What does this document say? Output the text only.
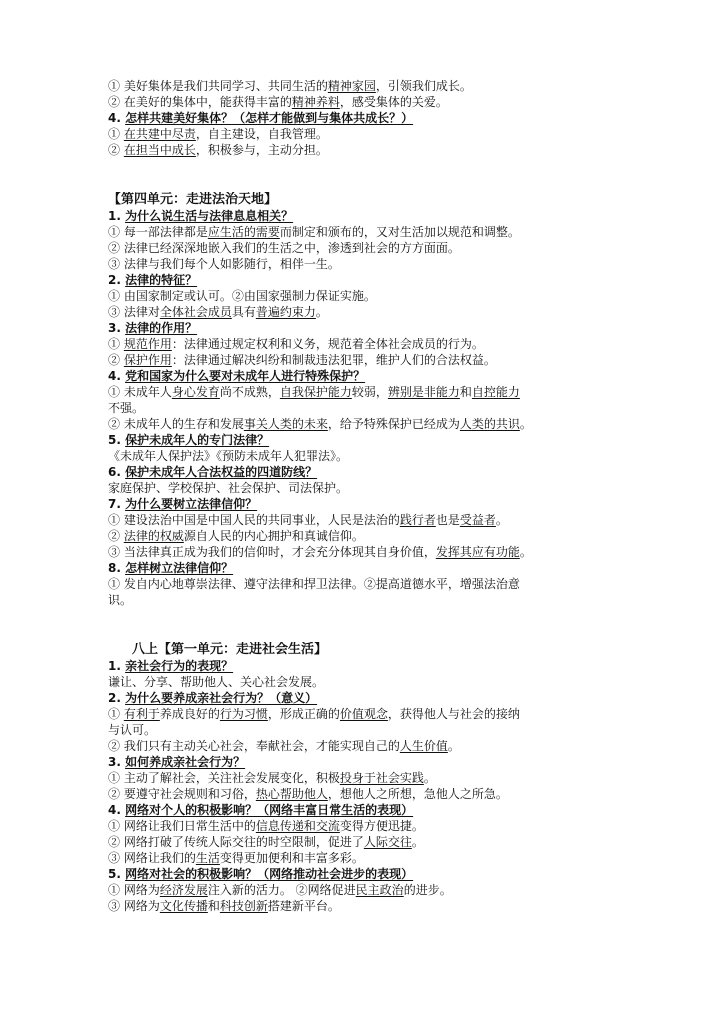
① 美好集体是我们共同学习、共同生活的精神家园，引领我们成长。
② 在美好的集体中，能获得丰富的精神养料，感受集体的关爱。
4. 怎样共建美好集体？（怎样才能做到与集体共成长？）
① 在共建中尽责，自主建设，自我管理。
② 在担当中成长，积极参与，主动分担。
【第四单元：走进法治天地】
1. 为什么说生活与法律息息相关？
① 每一部法律都是应生活的需要而制定和颁布的，又对生活加以规范和调整。
② 法律已经深深地嵌入我们的生活之中，渗透到社会的方方面面。
③ 法律与我们每个人如影随行，相伴一生。
2. 法律的特征？
① 由国家制定或认可。②由国家强制力保证实施。
③ 法律对全体社会成员具有普遍约束力。
3. 法律的作用？
① 规范作用：法律通过规定权利和义务，规范着全体社会成员的行为。
② 保护作用：法律通过解决纠纷和制裁违法犯罪，维护人们的合法权益。
4. 党和国家为什么要对未成年人进行特殊保护？
① 未成年人身心发育尚不成熟，自我保护能力较弱，辨别是非能力和自控能力
不强。
② 未成年人的生存和发展事关人类的未来，给予特殊保护已经成为人类的共识。
5. 保护未成年人的专门法律？
《未成年人保护法》《预防未成年人犯罪法》。
6. 保护未成年人合法权益的四道防线？
家庭保护、学校保护、社会保护、司法保护。
7. 为什么要树立法律信仰？
① 建设法治中国是中国人民的共同事业，人民是法治的践行者也是受益者。
② 法律的权威源自人民的内心拥护和真诚信仰。
③ 当法律真正成为我们的信仰时，才会充分体现其自身价值，发挥其应有功能。
8. 怎样树立法律信仰？
① 发自内心地尊崇法律、遵守法律和捍卫法律。②提高道德水平，增强法治意
识。
八上【第一单元：走进社会生活】
1. 亲社会行为的表现？
谦让、分享、帮助他人、关心社会发展。
2. 为什么要养成亲社会行为？（意义）
① 有利于养成良好的行为习惯，形成正确的价值观念，获得他人与社会的接纳
与认可。
② 我们只有主动关心社会，奉献社会，才能实现自己的人生价值。
3. 如何养成亲社会行为？
① 主动了解社会，关注社会发展变化，积极投身于社会实践。
② 要遵守社会规则和习俗，热心帮助他人，想他人之所想，急他人之所急。
4. 网络对个人的积极影响？（网络丰富日常生活的表现）
① 网络让我们日常生活中的信息传递和交流变得方便迅捷。
② 网络打破了传统人际交往的时空限制，促进了人际交往。
③ 网络让我们的生活变得更加便利和丰富多彩。
5. 网络对社会的积极影响？（网络推动社会进步的表现）
① 网络为经济发展注入新的活力。 ②网络促进民主政治的进步。
③ 网络为文化传播和科技创新搭建新平台。
